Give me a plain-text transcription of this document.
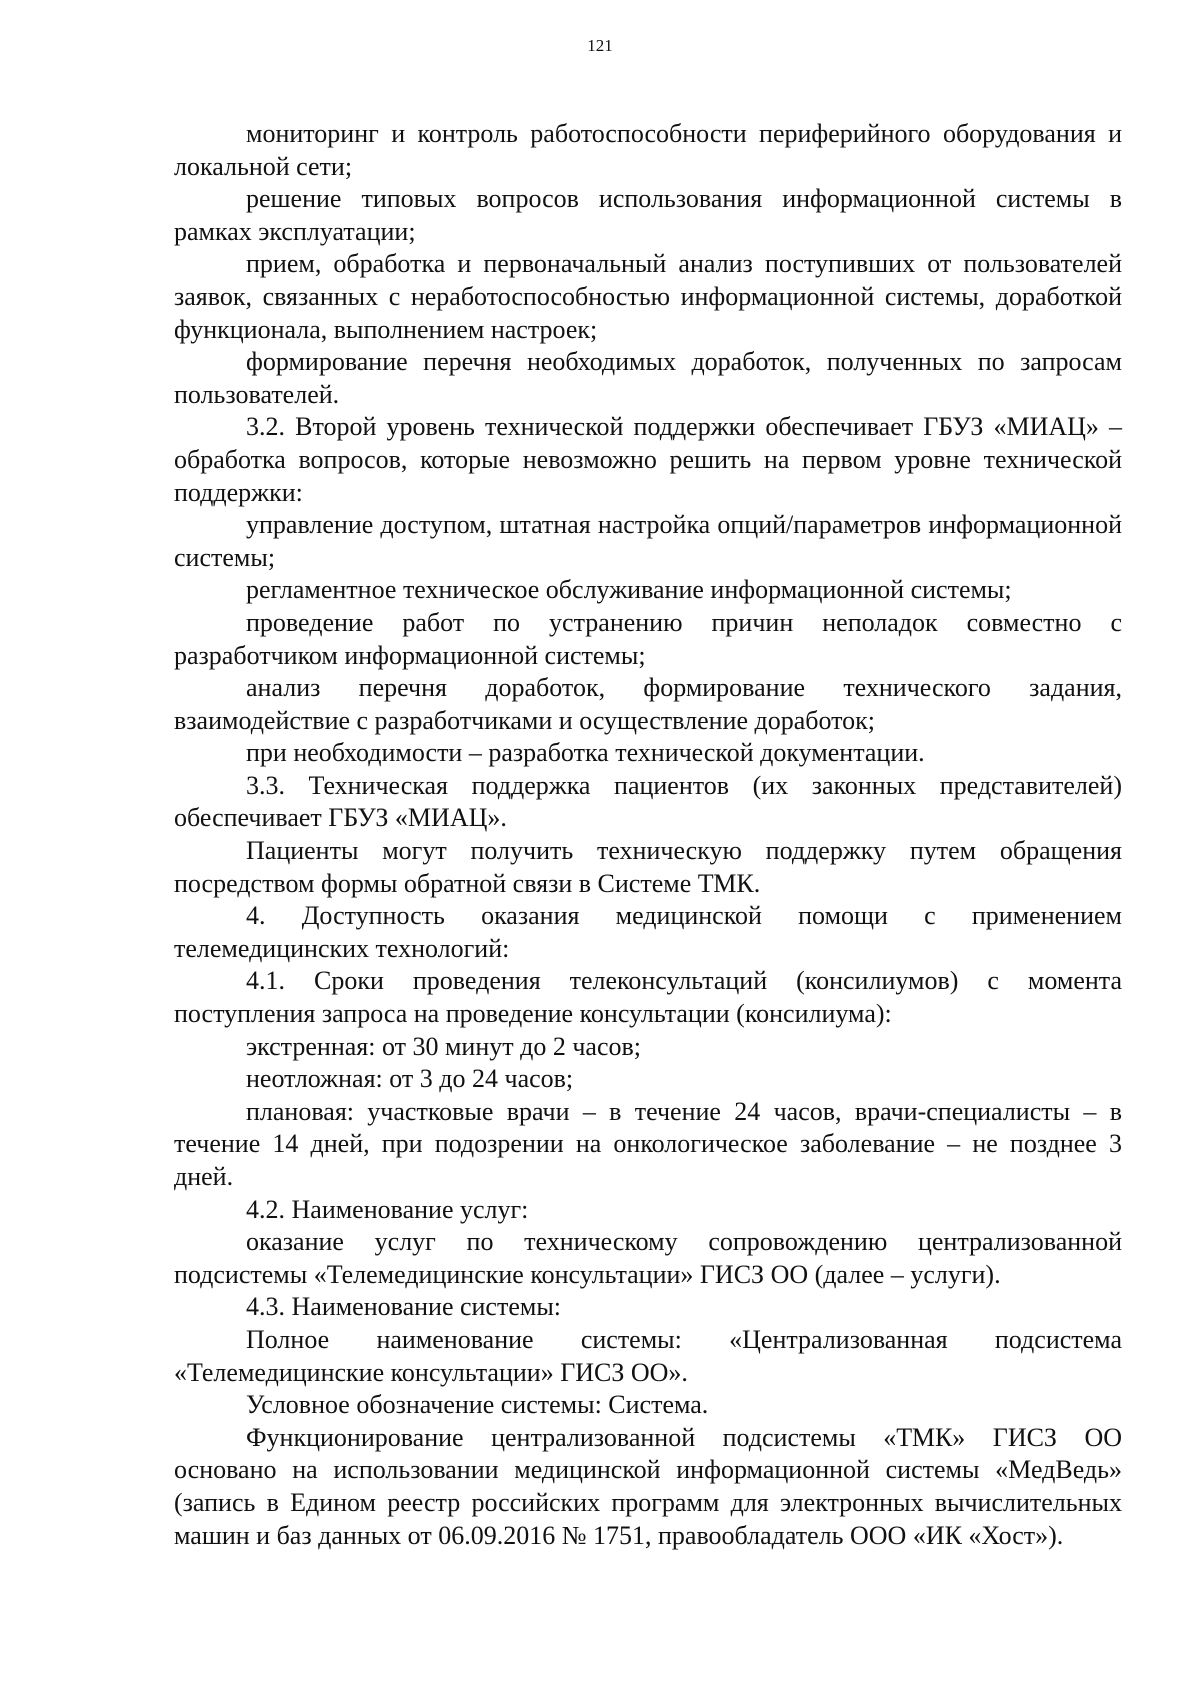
121

мониторинг и контроль работоспособности периферийного оборудования и локальной сети;

решение типовых вопросов использования информационной системы в рамках эксплуатации;

прием, обработка и первоначальный анализ поступивших от пользователей заявок, связанных с неработоспособностью информационной системы, доработкой функционала, выполнением настроек;

формирование перечня необходимых доработок, полученных по запросам пользователей.

3.2. Второй уровень технической поддержки обеспечивает ГБУЗ «МИАЦ» – обработка вопросов, которые невозможно решить на первом уровне технической поддержки:

управление доступом, штатная настройка опций/параметров информационной системы;

регламентное техническое обслуживание информационной системы;

проведение работ по устранению причин неполадок совместно с разработчиком информационной системы;

анализ перечня доработок, формирование технического задания, взаимодействие с разработчиками и осуществление доработок;

при необходимости – разработка технической документации.

3.3. Техническая поддержка пациентов (их законных представителей) обеспечивает ГБУЗ «МИАЦ».

Пациенты могут получить техническую поддержку путем обращения посредством формы обратной связи в Системе ТМК.

4. Доступность оказания медицинской помощи с применением телемедицинских технологий:

4.1. Сроки проведения телеконсультаций (консилиумов) с момента поступления запроса на проведение консультации (консилиума):

экстренная: от 30 минут до 2 часов;

неотложная: от 3 до 24 часов;

плановая: участковые врачи – в течение 24 часов, врачи-специалисты – в течение 14 дней, при подозрении на онкологическое заболевание – не позднее 3 дней.

4.2. Наименование услуг:

оказание услуг по техническому сопровождению централизованной подсистемы «Телемедицинские консультации» ГИСЗ ОО (далее – услуги).

4.3. Наименование системы:

Полное наименование системы: «Централизованная подсистема «Телемедицинские консультации» ГИСЗ ОО».

Условное обозначение системы: Система.

Функционирование централизованной подсистемы «ТМК» ГИСЗ ОО основано на использовании медицинской информационной системы «МедВедь» (запись в Едином реестр российских программ для электронных вычислительных машин и баз данных от 06.09.2016 № 1751, правообладатель ООО «ИК «Хост»).
